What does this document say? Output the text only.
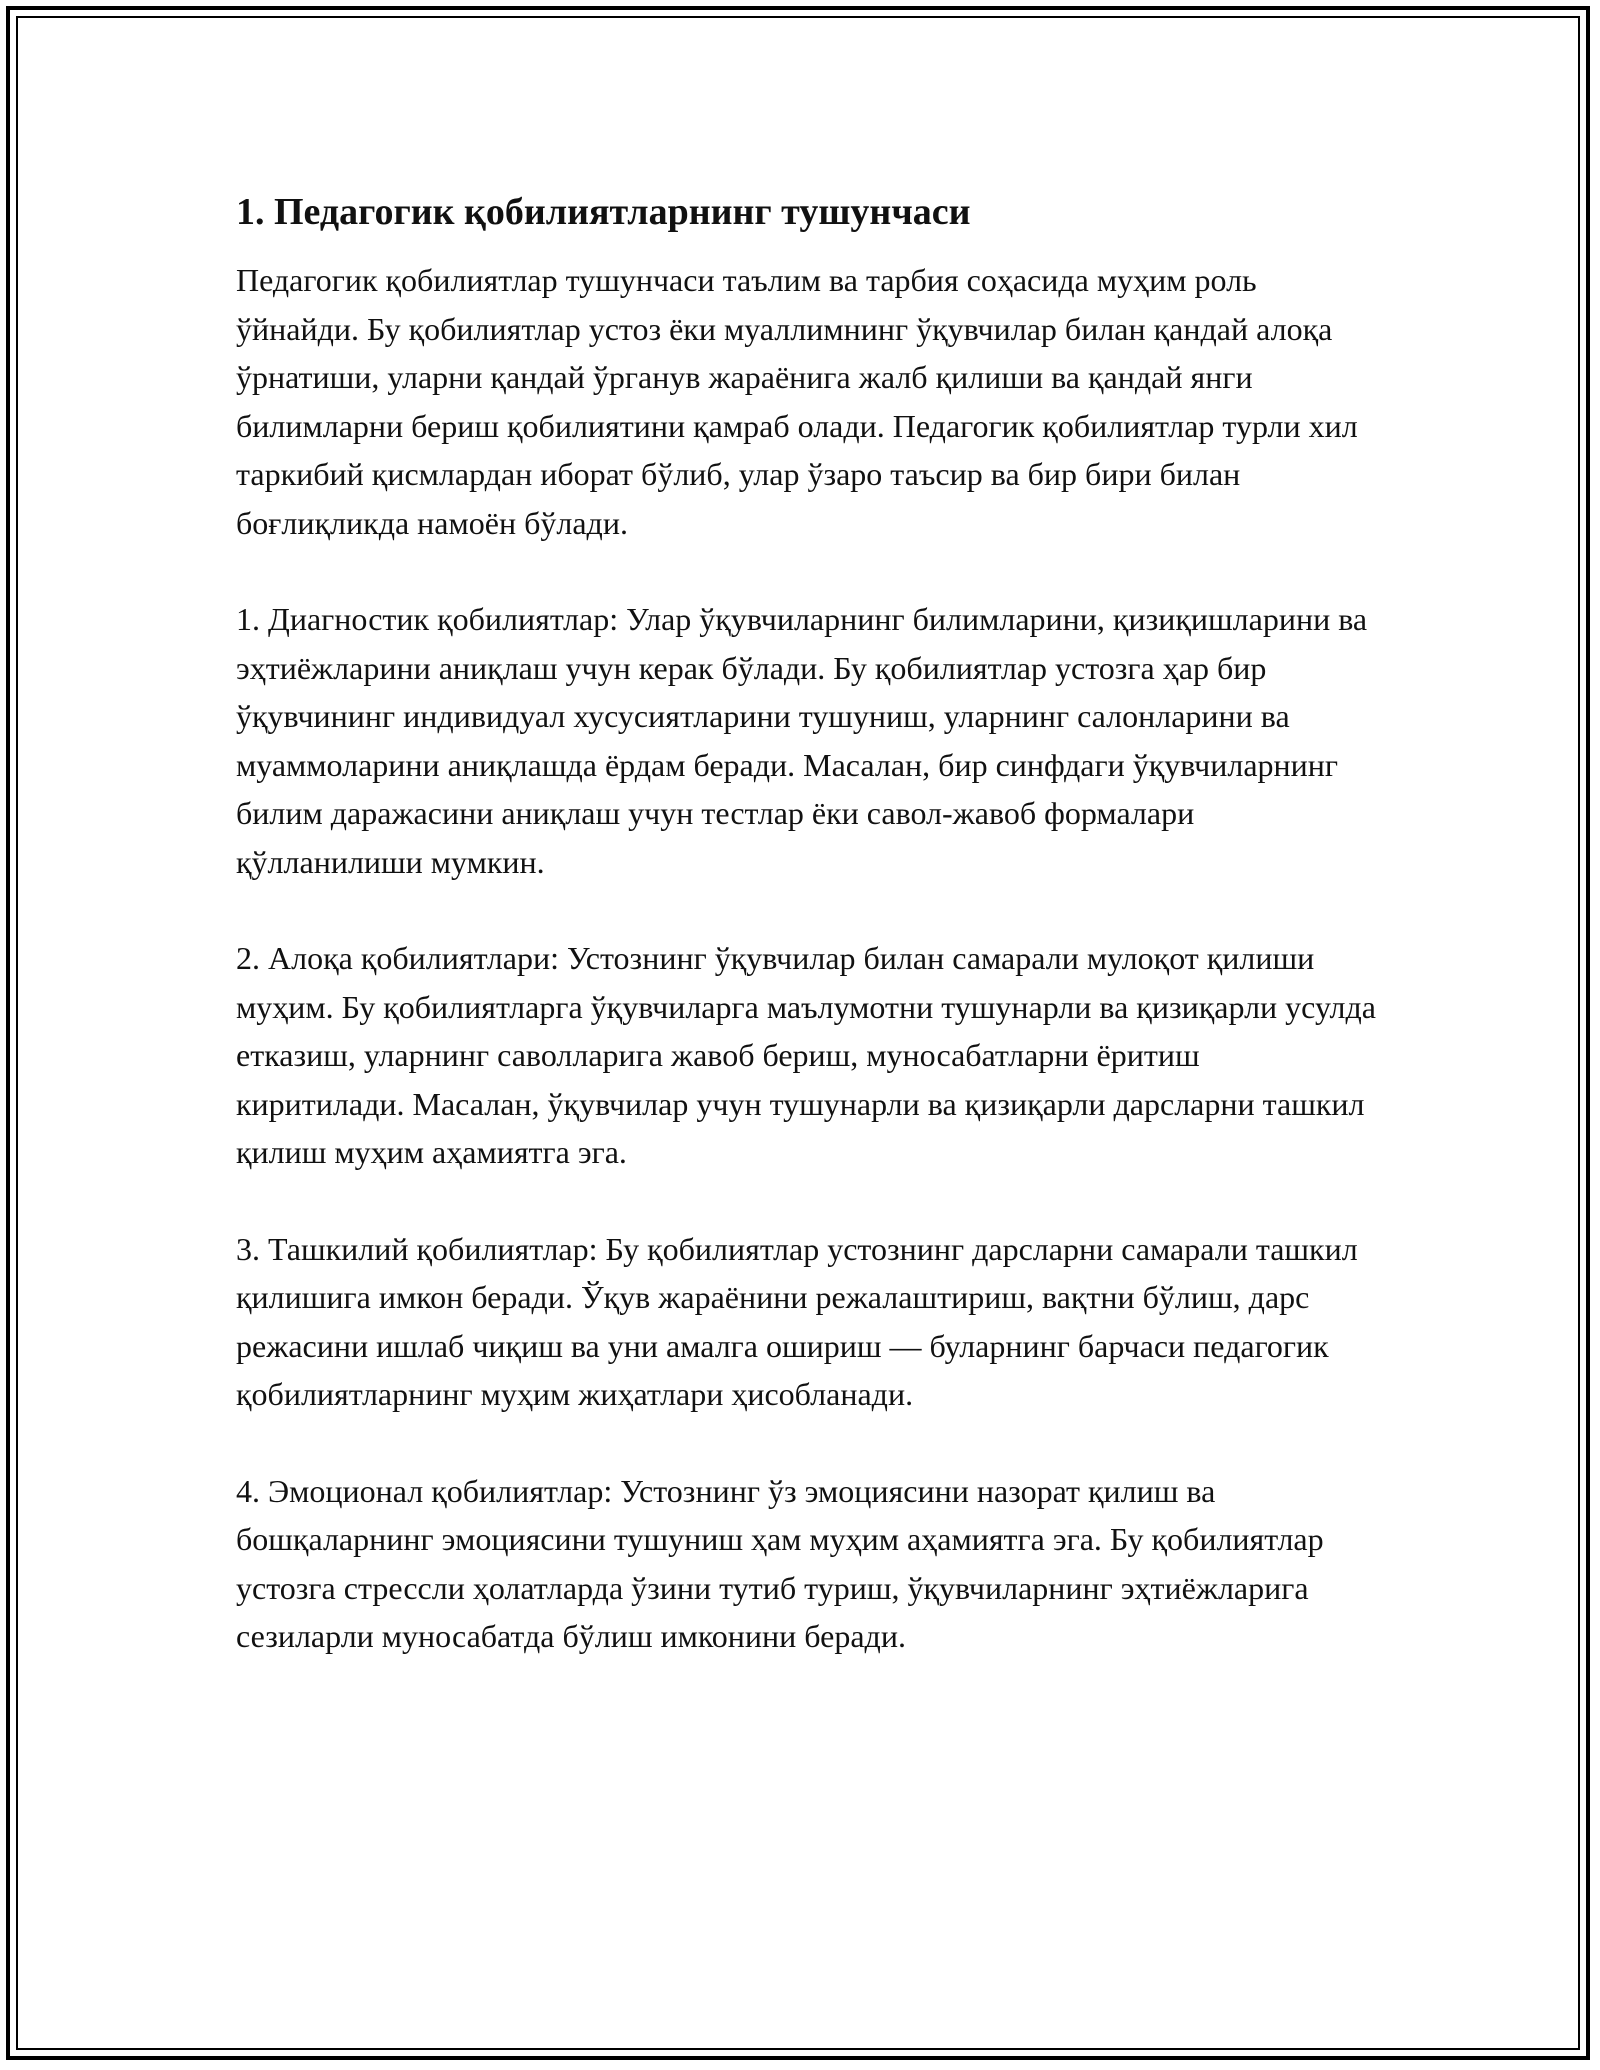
1. Педагогик қобилиятларнинг тушунчаси

Педагогик қобилиятлар тушунчаси таълим ва тарбия соҳасида муҳим роль ўйнайди. Бу қобилиятлар устоз ёки муаллимнинг ўқувчилар билан қандай алоқа ўрнатиши, уларни қандай ўрганув жараёнига жалб қилиши ва қандай янги билимларни бериш қобилиятини қамраб олади. Педагогик қобилиятлар турли хил таркибий қисмлардан иборат бўлиб, улар ўзаро таъсир ва бир бири билан боғлиқликда намоён бўлади.

1. Диагностик қобилиятлар: Улар ўқувчиларнинг билимларини, қизиқишларини ва эҳтиёжларини аниқлаш учун керак бўлади. Бу қобилиятлар устозга ҳар бир ўқувчининг индивидуал хусусиятларини тушуниш, уларнинг салонларини ва муаммоларини аниқлашда ёрдам беради. Масалан, бир синфдаги ўқувчиларнинг билим даражасини аниқлаш учун тестлар ёки савол-жавоб формалари қўлланилиши мумкин.

2. Алоқа қобилиятлари: Устознинг ўқувчилар билан самарали мулоқот қилиши муҳим. Бу қобилиятларга ўқувчиларга маълумотни тушунарли ва қизиқарли усулда етказиш, уларнинг саволларига жавоб бериш, муносабатларни ёритиш киритилади. Масалан, ўқувчилар учун тушунарли ва қизиқарли дарсларни ташкил қилиш муҳим аҳамиятга эга.

3. Ташкилий қобилиятлар: Бу қобилиятлар устознинг дарсларни самарали ташкил қилишига имкон беради. Ўқув жараёнини режалаштириш, вақтни бўлиш, дарс режасини ишлаб чиқиш ва уни амалга ошириш — буларнинг барчаси педагогик қобилиятларнинг муҳим жиҳатлари ҳисобланади.

4. Эмоционал қобилиятлар: Устознинг ўз эмоциясини назорат қилиш ва бошқаларнинг эмоциясини тушуниш ҳам муҳим аҳамиятга эга. Бу қобилиятлар устозга стрессли ҳолатларда ўзини тутиб туриш, ўқувчиларнинг эҳтиёжларига сезиларли муносабатда бўлиш имконини беради.
